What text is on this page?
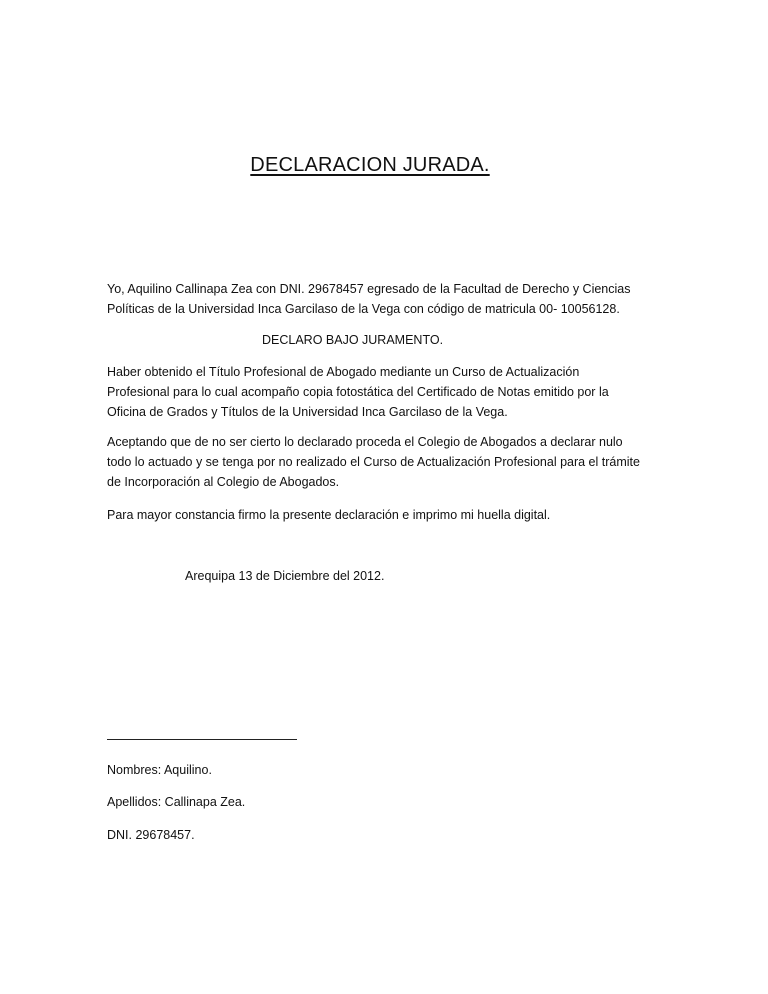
DECLARACION JURADA.
Yo, Aquilino Callinapa Zea con DNI. 29678457 egresado de la Facultad de Derecho y Ciencias
Políticas de la Universidad Inca Garcilaso de la Vega con código de matricula 00- 10056128.
DECLARO BAJO JURAMENTO.
Haber obtenido el Título Profesional de Abogado mediante un Curso de Actualización
Profesional para lo cual acompaño copia fotostática del Certificado de Notas emitido por la
Oficina de Grados y Títulos de la Universidad Inca Garcilaso de la Vega.
Aceptando que de no ser cierto lo declarado proceda el Colegio de Abogados a declarar nulo
todo lo actuado y se tenga por no realizado el Curso de Actualización Profesional para el trámite
de Incorporación al Colegio de Abogados.
Para mayor constancia firmo la presente declaración e imprimo mi huella digital.
Arequipa 13 de Diciembre del 2012.
Nombres: Aquilino.
Apellidos: Callinapa Zea.
DNI. 29678457.
